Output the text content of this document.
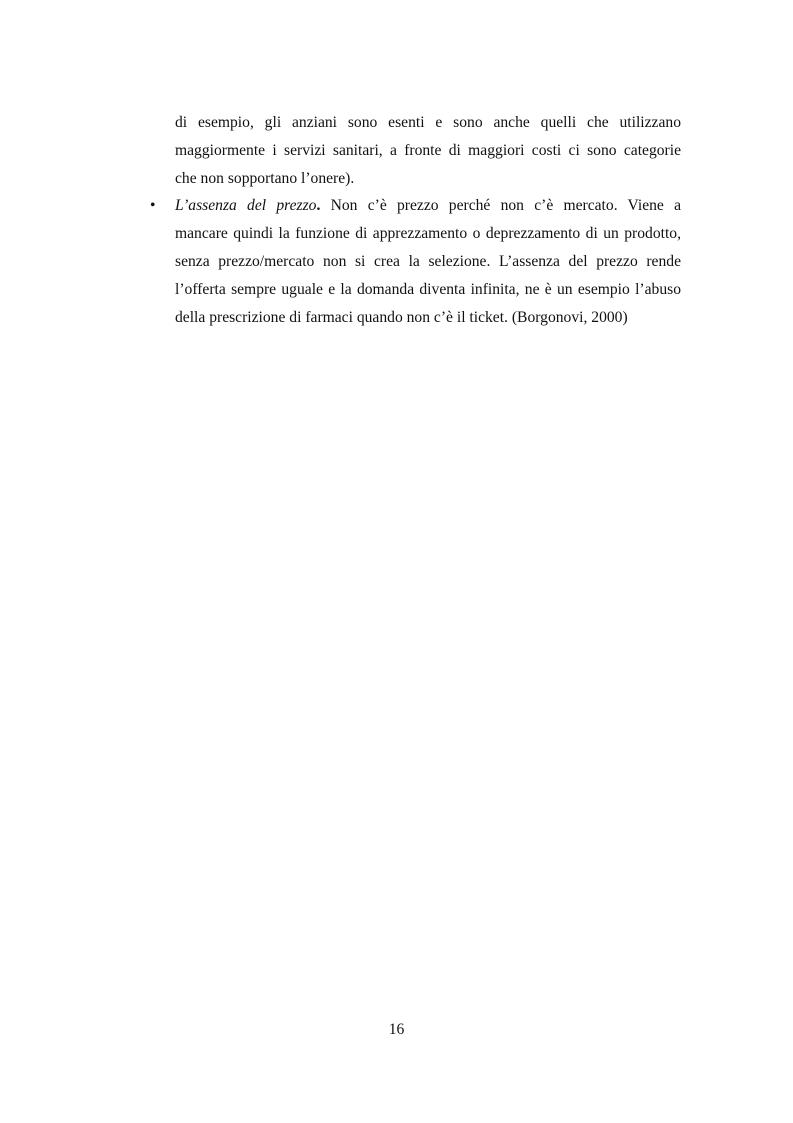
di esempio, gli anziani sono esenti e sono anche quelli che utilizzano
maggiormente i servizi sanitari, a fronte di maggiori costi ci sono categorie
che non sopportano l’onere).
• L’assenza del prezzo. Non c’è prezzo perché non c’è mercato. Viene a
mancare quindi la funzione di apprezzamento o deprezzamento di un prodotto,
senza prezzo/mercato non si crea la selezione. L’assenza del prezzo rende
l’offerta sempre uguale e la domanda diventa infinita, ne è un esempio l’abuso
della prescrizione di farmaci quando non c’è il ticket. (Borgonovi, 2000)
16
